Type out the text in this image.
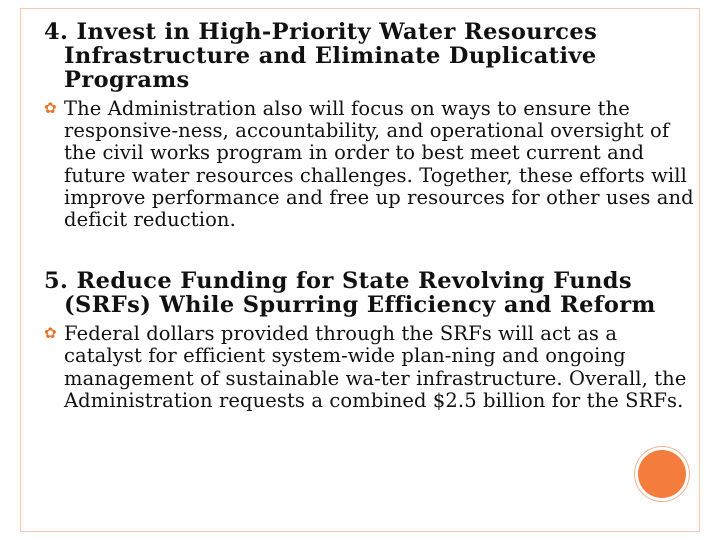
4. Invest in High-Priority Water Resources Infrastructure and Eliminate Duplicative Programs

✿ The Administration also will focus on ways to ensure the responsive-ness, accountability, and operational oversight of the civil works program in order to best meet current and future water resources challenges. Together, these efforts will improve performance and free up resources for other uses and deficit reduction.

5. Reduce Funding for State Revolving Funds (SRFs) While Spurring Efficiency and Reform

✿ Federal dollars provided through the SRFs will act as a catalyst for efficient system-wide plan-ning and ongoing management of sustainable wa-ter infrastructure. Overall, the Administration requests a combined $2.5 billion for the SRFs.
